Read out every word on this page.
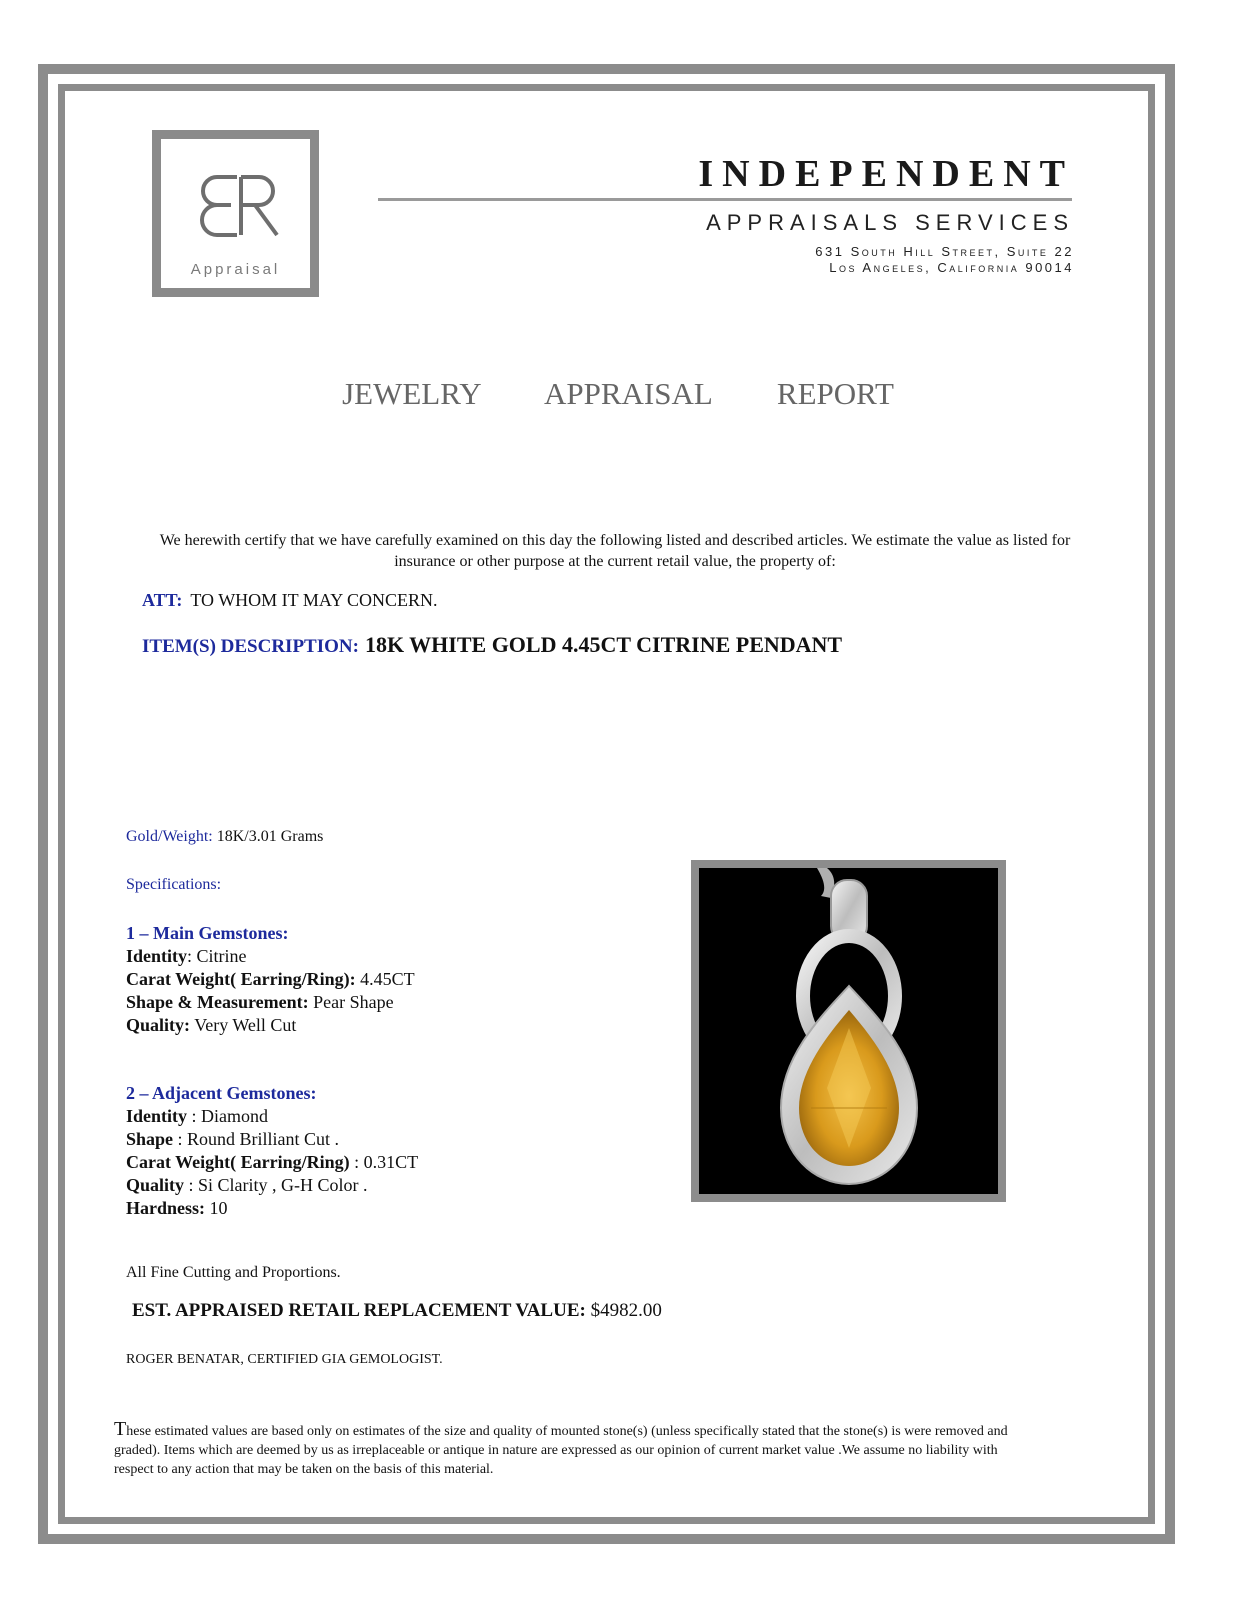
Appraisal
INDEPENDENT
APPRAISALS SERVICES
631 South Hill Street, Suite 22
Los Angeles, California 90014
JEWELRY   APPRAISAL   REPORT
We herewith certify that we have carefully examined on this day the following listed and described articles. We estimate the value as listed for insurance or other purpose at the current retail value, the property of:
ATT: TO WHOM IT MAY CONCERN.
ITEM(S) DESCRIPTION: 18K WHITE GOLD 4.45CT CITRINE PENDANT
Gold/Weight: 18K/3.01 Grams
Specifications:
1 – Main Gemstones:
Identity: Citrine
Carat Weight( Earring/Ring): 4.45CT
Shape & Measurement: Pear Shape
Quality: Very Well Cut
2 – Adjacent Gemstones:
Identity : Diamond
Shape : Round Brilliant Cut .
Carat Weight( Earring/Ring) : 0.31CT
Quality : Si Clarity , G-H Color .
Hardness: 10
All Fine Cutting and Proportions.
EST. APPRAISED RETAIL REPLACEMENT VALUE: $4982.00
ROGER BENATAR, CERTIFIED GIA GEMOLOGIST.
These estimated values are based only on estimates of the size and quality of mounted stone(s) (unless specifically stated that the stone(s) is were removed and graded). Items which are deemed by us as irreplaceable or antique in nature are expressed as our opinion of current market value .We assume no liability with respect to any action that may be taken on the basis of this material.
